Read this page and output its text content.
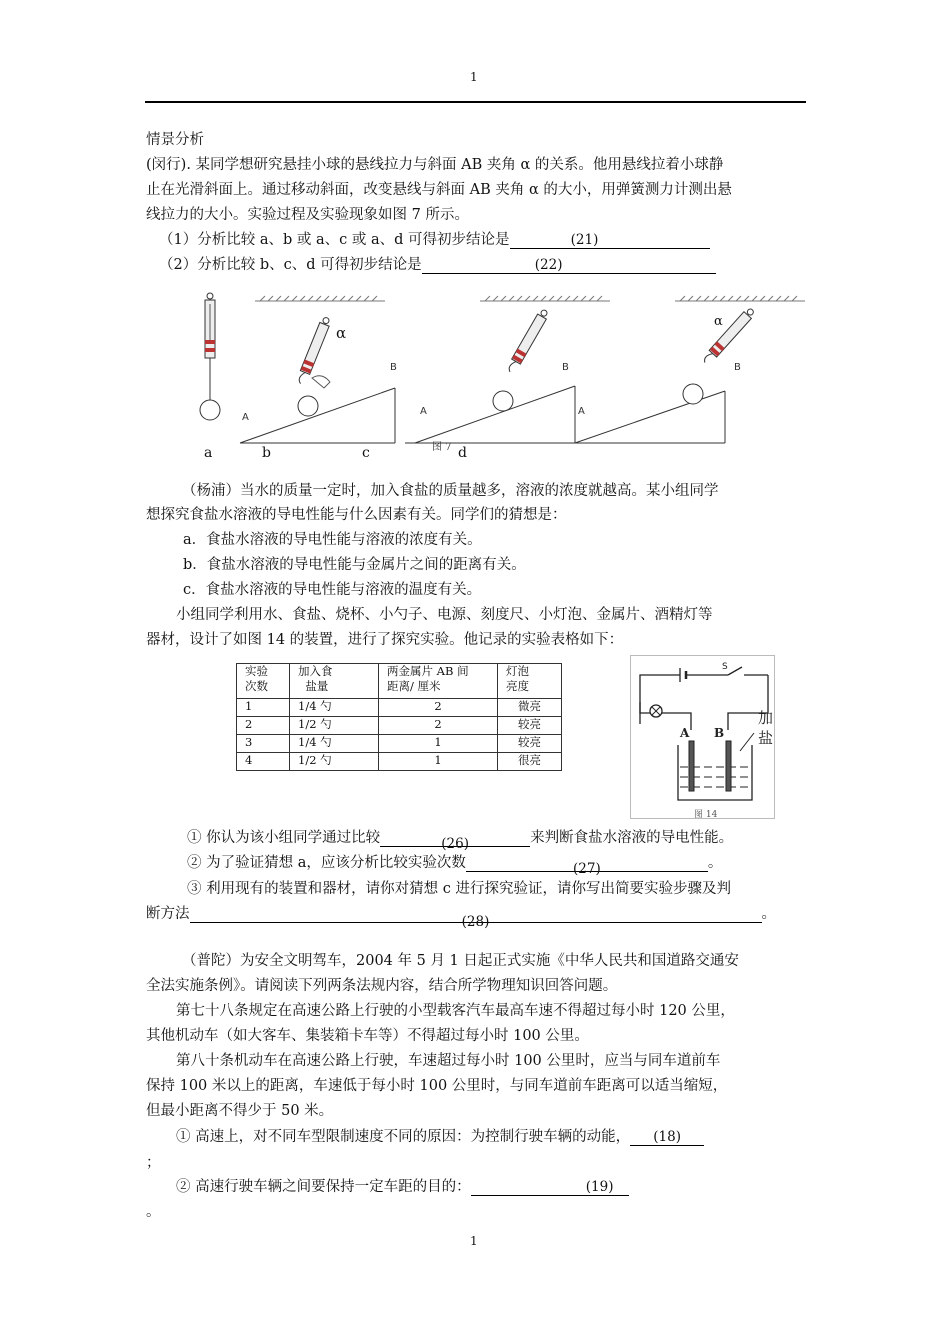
1
情景分析
(闵行). 某同学想研究悬挂小球的悬线拉力与斜面 AB 夹角 α 的关系。他用悬线拉着小球静
止在光滑斜面上。通过移动斜面，改变悬线与斜面 AB 夹角 α 的大小，用弹簧测力计测出悬
线拉力的大小。实验过程及实验现象如图 7 所示。
（1）分析比较 a、b 或 a、c 或 a、d 可得初步结论是	(21)
（2）分析比较 b、c、d 可得初步结论是	(22)
α
B
A
B
A
α
B
A
a	b	c	图 7 d
（杨浦）当水的质量一定时，加入食盐的质量越多，溶液的浓度就越高。某小组同学
想探究食盐水溶液的导电性能与什么因素有关。同学们的猜想是：
a．食盐水溶液的导电性能与溶液的浓度有关。
b．食盐水溶液的导电性能与金属片之间的距离有关。
c．食盐水溶液的导电性能与溶液的温度有关。
小组同学利用水、食盐、烧杯、小勺子、电源、刻度尺、小灯泡、金属片、酒精灯等
器材，设计了如图 14 的装置，进行了探究实验。他记录的实验表格如下：
实验
次数	加入食
盐量	两金属片 AB 间
距离/ 厘米	灯泡
亮度
1	1/4 勺	2	微亮
2	1/2 勺	2	较亮
3	1/4 勺	1	较亮
4	1/2 勺	1	很亮
S
A B
加
盐
图 14
① 你认为该小组同学通过比较	(26)	来判断食盐水溶液的导电性能。
② 为了验证猜想 a，应该分析比较实验次数	(27)	。
③ 利用现有的装置和器材，请你对猜想 c 进行探究验证，请你写出简要实验步骤及判
断方法	(28)	。
（普陀）为安全文明驾车，2004 年 5 月 1 日起正式实施《中华人民共和国道路交通安
全法实施条例》。请阅读下列两条法规内容，结合所学物理知识回答问题。
第七十八条规定在高速公路上行驶的小型载客汽车最高车速不得超过每小时 120 公里，
其他机动车（如大客车、集装箱卡车等）不得超过每小时 100 公里。
第八十条机动车在高速公路上行驶，车速超过每小时 100 公里时，应当与同车道前车
保持 100 米以上的距离，车速低于每小时 100 公里时，与同车道前车距离可以适当缩短，
但最小距离不得少于 50 米。
① 高速上，对不同车型限制速度不同的原因：为控制行驶车辆的动能， (18)
；
② 高速行驶车辆之间要保持一定车距的目的：	(19)
。
1
